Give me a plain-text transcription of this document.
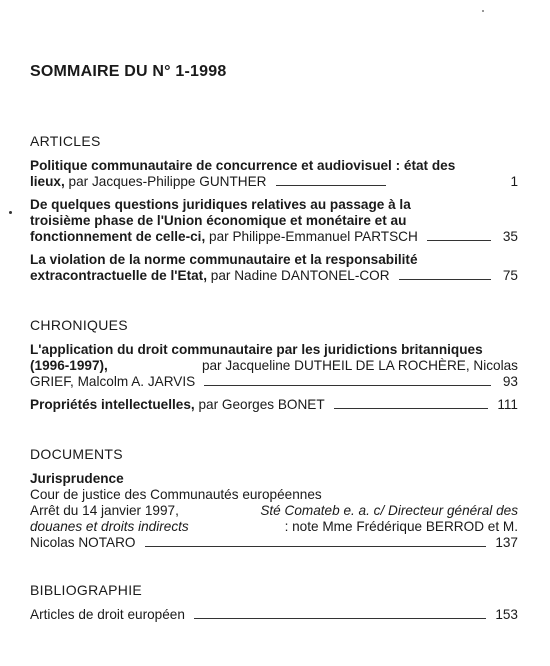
SOMMAIRE DU N° 1-1998
ARTICLES
Politique communautaire de concurrence et audiovisuel : état des
lieux,
par Jacques-Philippe GUNTHER	1
De quelques questions juridiques relatives au passage à la
troisième phase de l'Union économique et monétaire et au
fonctionnement de celle-ci,
par Philippe-Emmanuel PARTSCH	35
La violation de la norme communautaire et la responsabilité
extracontractuelle de l'Etat,
par Nadine DANTONEL-COR	75
CHRONIQUES
L'application du droit communautaire par les juridictions britanniques
(1996-1997),
	par Jacqueline DUTHEIL DE LA ROCHÈRE, Nicolas
GRIEF, Malcolm A. JARVIS	93
Propriétés intellectuelles,
par Georges BONET	111
DOCUMENTS
Jurisprudence
Cour de justice des Communautés européennes
Arrêt du 14 janvier 1997,	Sté Comateb e. a. c/ Directeur général des
douanes et droits indirects	: note Mme Frédérique BERROD et M.
Nicolas NOTARO	137
BIBLIOGRAPHIE
Articles de droit européen	153
